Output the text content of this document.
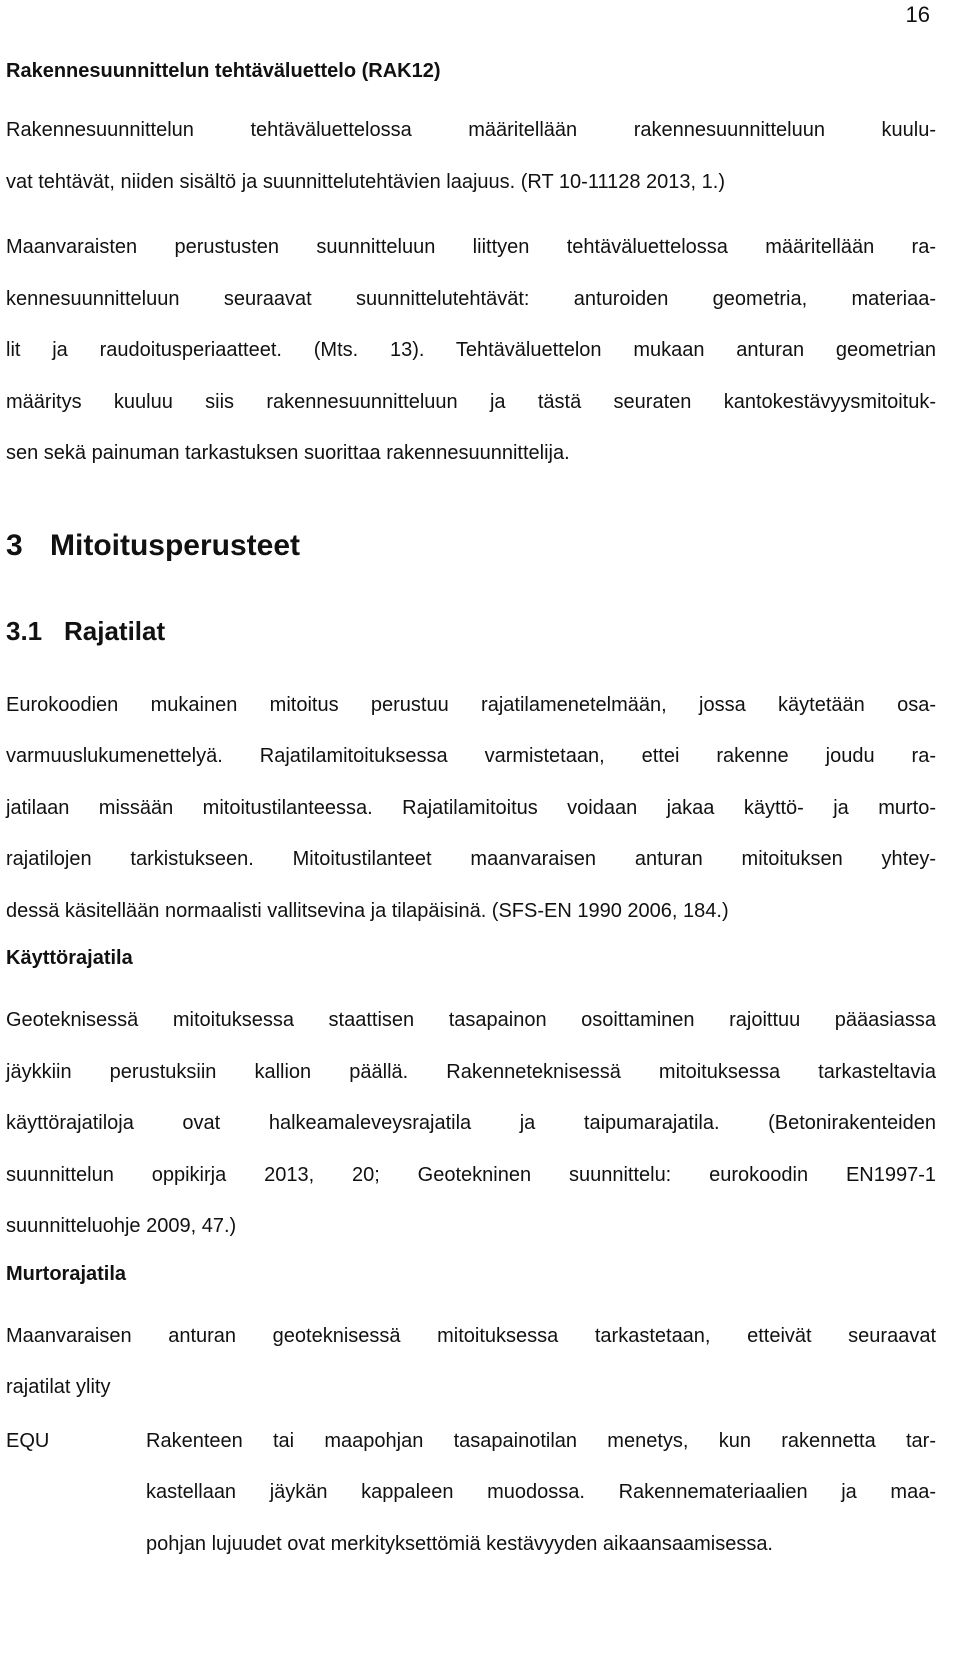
16
Rakennesuunnittelun tehtäväluettelo (RAK12)
Rakennesuunnittelun tehtäväluettelossa määritellään rakennesuunnitteluun kuulu-
vat tehtävät, niiden sisältö ja suunnittelutehtävien laajuus. (RT 10-11128 2013, 1.)
Maanvaraisten perustusten suunnitteluun liittyen tehtäväluettelossa määritellään ra-
kennesuunnitteluun seuraavat suunnittelutehtävät: anturoiden geometria, materiaa-
lit ja raudoitusperiaatteet. (Mts. 13). Tehtäväluettelon mukaan anturan geometrian
määritys kuuluu siis rakennesuunnitteluun ja tästä seuraten kantokestävyysmitoituk-
sen sekä painuman tarkastuksen suorittaa rakennesuunnittelija.
3 Mitoitusperusteet
3.1 Rajatilat
Eurokoodien mukainen mitoitus perustuu rajatilamenetelmään, jossa käytetään osa-
varmuuslukumenettelyä. Rajatilamitoituksessa varmistetaan, ettei rakenne joudu ra-
jatilaan missään mitoitustilanteessa. Rajatilamitoitus voidaan jakaa käyttö- ja murto-
rajatilojen tarkistukseen. Mitoitustilanteet maanvaraisen anturan mitoituksen yhtey-
dessä käsitellään normaalisti vallitsevina ja tilapäisinä. (SFS-EN 1990 2006, 184.)
Käyttörajatila
Geoteknisessä mitoituksessa staattisen tasapainon osoittaminen rajoittuu pääasiassa
jäykkiin perustuksiin kallion päällä. Rakenneteknisessä mitoituksessa tarkasteltavia
käyttörajatiloja ovat halkeamaleveysrajatila ja taipumarajatila. (Betonirakenteiden
suunnittelun oppikirja 2013, 20; Geotekninen suunnittelu: eurokoodin EN1997-1
suunnitteluohje 2009, 47.)
Murtorajatila
Maanvaraisen anturan geoteknisessä mitoituksessa tarkastetaan, etteivät seuraavat
rajatilat ylity
EQU	Rakenteen tai maapohjan tasapainotilan menetys, kun rakennetta tar-
kastellaan jäykän kappaleen muodossa. Rakennemateriaalien ja maa-
pohjan lujuudet ovat merkityksettömiä kestävyyden aikaansaamisessa.
